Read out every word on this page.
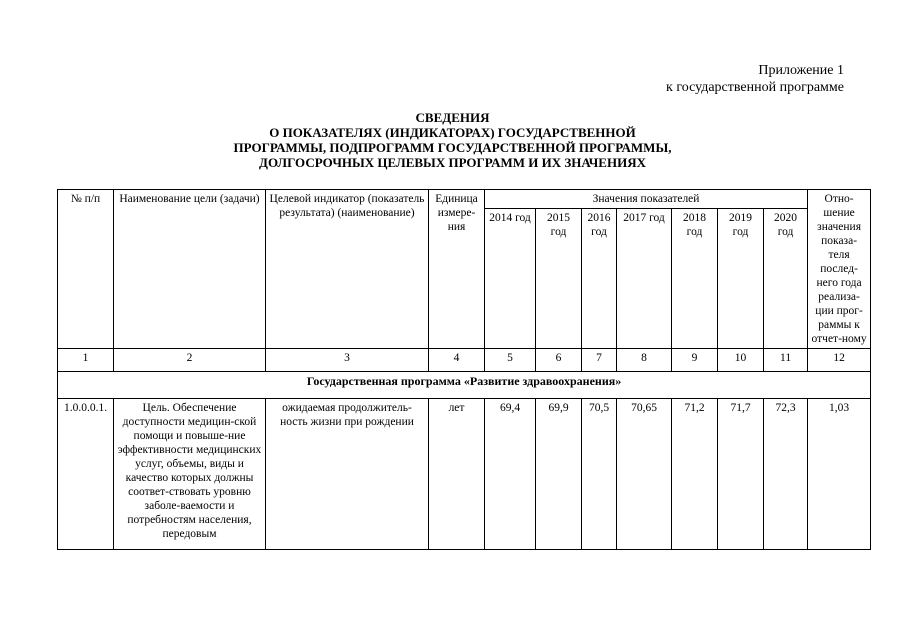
Приложение 1
к государственной программе
СВЕДЕНИЯ
О ПОКАЗАТЕЛЯХ (ИНДИКАТОРАХ) ГОСУДАРСТВЕННОЙ
ПРОГРАММЫ, ПОДПРОГРАММ ГОСУДАРСТВЕННОЙ ПРОГРАММЫ,
ДОЛГОСРОЧНЫХ ЦЕЛЕВЫХ ПРОГРАММ И ИХ ЗНАЧЕНИЯХ
№ п/п	Наименование цели (задачи)	Целевой индикатор (показатель результата) (наименование)	Единица измере-ния	Значения показателей							Отно-шение значения показа-теля послед-него года реализа-ции прог-раммы к отчет-ному
				2014 год	2015 год	2016 год	2017 год	2018 год	2019 год	2020 год	
1	2	3	4	5	6	7	8	9	10	11	12
Государственная программа «Развитие здравоохранения»											
1.0.0.0.1.	Цель. Обеспечение доступности медицин-ской помощи и повыше-ние эффективности медицинских услуг, объемы, виды и качество которых должны соответ-ствовать уровню заболе-ваемости и потребностям населения, передовым	ожидаемая продолжитель-ность жизни при рождении	лет	69,4	69,9	70,5	70,65	71,2	71,7	72,3	1,03
